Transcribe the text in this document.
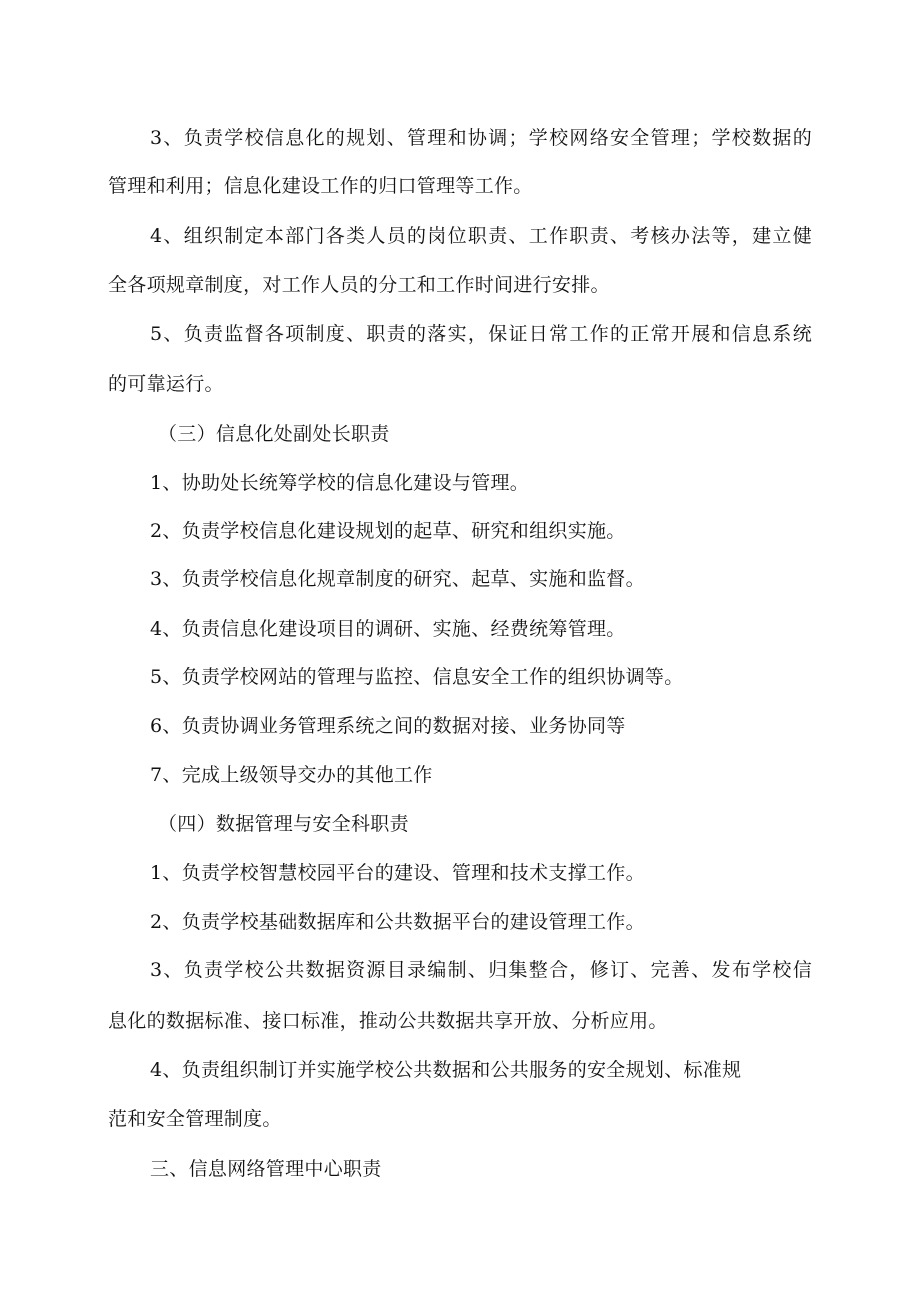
3、负责学校信息化的规划、管理和协调；学校网络安全管理；学校数据的
管理和利用；信息化建设工作的归口管理等工作。
4、组织制定本部门各类人员的岗位职责、工作职责、考核办法等，建立健
全各项规章制度，对工作人员的分工和工作时间进行安排。
5、负责监督各项制度、职责的落实，保证日常工作的正常开展和信息系统
的可靠运行。
（三）信息化处副处长职责
1、协助处长统筹学校的信息化建设与管理。
2、负责学校信息化建设规划的起草、研究和组织实施。
3、负责学校信息化规章制度的研究、起草、实施和监督。
4、负责信息化建设项目的调研、实施、经费统筹管理。
5、负责学校网站的管理与监控、信息安全工作的组织协调等。
6、负责协调业务管理系统之间的数据对接、业务协同等
7、完成上级领导交办的其他工作
（四）数据管理与安全科职责
1、负责学校智慧校园平台的建设、管理和技术支撑工作。
2、负责学校基础数据库和公共数据平台的建设管理工作。
3、负责学校公共数据资源目录编制、归集整合，修订、完善、发布学校信
息化的数据标准、接口标准，推动公共数据共享开放、分析应用。
4、负责组织制订并实施学校公共数据和公共服务的安全规划、标准规
范和安全管理制度。
三、信息网络管理中心职责
